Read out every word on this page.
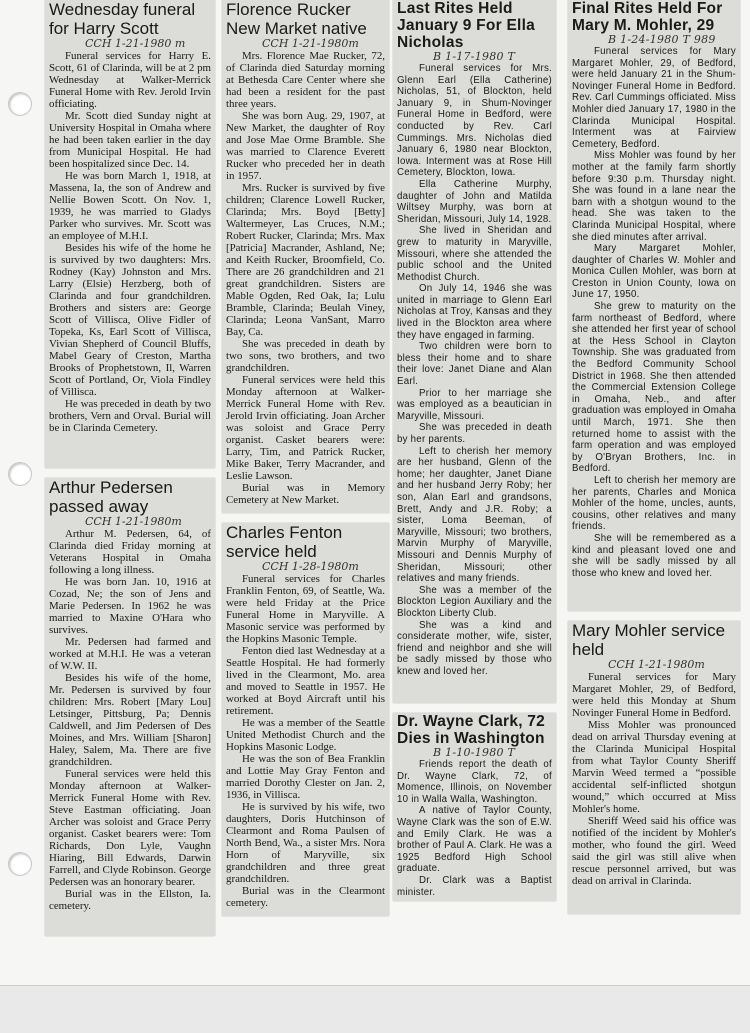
Wednesday funeral for Harry Scott
CCH 1-21-1980 m

Funeral services for Harry E. Scott, 61 of Clarinda, will be at 2 pm Wednesday at Walker-Merrick Funeral Home with Rev. Jerold Irvin officiating.

Mr. Scott died Sunday night at University Hospital in Omaha where he had been taken earlier in the day from Municipal Hospital. He had been hospitalized since Dec. 14.

He was born March 1, 1918, at Massena, Ia, the son of Andrew and Nellie Bowen Scott. On Nov. 1, 1939, he was married to Gladys Parker who survives. Mr. Scott was an employee of M.H.I.

Besides his wife of the home he is survived by two daughters: Mrs. Rodney (Kay) Johnston and Mrs. Larry (Elsie) Herzberg, both of Clarinda and four grandchildren. Brothers and sisters are: George Scott of Villisca, Olive Fidler of Topeka, Ks, Earl Scott of Villisca, Vivian Shepherd of Council Bluffs, Mabel Geary of Creston, Martha Brooks of Prophetstown, Il, Warren Scott of Portland, Or, Viola Findley of Villisca.

He was preceded in death by two brothers, Vern and Orval. Burial will be in Clarinda Cemetery.

Arthur Pedersen passed away
CCH 1-21-1980m

Arthur M. Pedersen, 64, of Clarinda died Friday morning at Veterans Hospital in Omaha following a long illness.

He was born Jan. 10, 1916 at Cozad, Ne; the son of Jens and Marie Pedersen. In 1962 he was married to Maxine O'Hara who survives.

Mr. Pedersen had farmed and worked at M.H.I. He was a veteran of W.W. II.

Besides his wife of the home, Mr. Pedersen is survived by four children: Mrs. Robert [Mary Lou] Letsinger, Pittsburg, Pa; Dennis Caldwell, and Jim Pedersen of Des Moines, and Mrs. William [Sharon] Haley, Salem, Ma. There are five grandchildren.

Funeral services were held this Monday afternoon at Walker-Merrick Funeral Home with Rev. Steve Eastman officiating. Joan Archer was soloist and Grace Perry organist. Casket bearers were: Tom Richards, Don Lyle, Vaughn Hiaring, Bill Edwards, Darwin Farrell, and Clyde Robinson. George Pedersen was an honorary bearer.

Burial was in the Ellston, Ia. cemetery.

Florence Rucker New Market native
CCH 1-21-1980m

Mrs. Florence Mae Rucker, 72, of Clarinda died Saturday morning at Bethesda Care Center where she had been a resident for the past three years.

She was born Aug. 29, 1907, at New Market, the daughter of Roy and Jose Mae Orme Bramble. She was married to Clarence Everett Rucker who preceded her in death in 1957.

Mrs. Rucker is survived by five children; Clarence Lowell Rucker, Clarinda; Mrs. Boyd [Betty] Waltermeyer, Las Cruces, N.M.; Robert Rucker, Clarinda; Mrs. Max [Patricia] Macrander, Ashland, Ne; and Keith Rucker, Broomfield, Co. There are 26 grandchildren and 21 great grandchildren. Sisters are Mable Ogden, Red Oak, Ia; Lulu Bramble, Clarinda; Beulah Viney, Clarinda; Leona VanSant, Marro Bay, Ca.

She was preceded in death by two sons, two brothers, and two grandchildren.

Funeral services were held this Monday afternoon at Walker-Merrick Funeral Home with Rev. Jerold Irvin officiating. Joan Archer was soloist and Grace Perry organist. Casket bearers were: Larry, Tim, and Patrick Rucker, Mike Baker, Terry Macrander, and Leslie Lawson.

Burial was in Memory Cemetery at New Market.

Charles Fenton service held
CCH 1-28-1980m

Funeral services for Charles Franklin Fenton, 69, of Seattle, Wa. were held Friday at the Price Funeral Home in Maryville. A Masonic service was performed by the Hopkins Masonic Temple.

Fenton died last Wednesday at a Seattle Hospital. He had formerly lived in the Clearmont, Mo. area and moved to Seattle in 1957. He worked at Boyd Aircraft until his retirement.

He was a member of the Seattle United Methodist Church and the Hopkins Masonic Lodge.

He was the son of Bea Franklin and Lottie May Gray Fenton and married Dorothy Clester on Jan. 2, 1936, in Villisca.

He is survived by his wife, two daughters, Doris Hutchinson of Clearmont and Roma Paulsen of North Bend, Wa., a sister Mrs. Nora Horn of Maryville, six grandchildren and three great grandchildren.

Burial was in the Clearmont cemetery.

Last Rites Held January 9 For Ella Nicholas
B 1-17-1980 T

Funeral services for Mrs. Glenn Earl (Ella Catherine) Nicholas, 51, of Blockton, held January 9, in Shum-Novinger Funeral Home in Bedford, were conducted by Rev. Carl Cummings. Mrs. Nicholas died January 6, 1980 near Blockton, Iowa. Interment was at Rose Hill Cemetery, Blockton, Iowa.

Ella Catherine Murphy, daughter of John and Matilda Wiltsey Murphy, was born at Sheridan, Missouri, July 14, 1928.

She lived in Sheridan and grew to maturity in Maryville, Missouri, where she attended the public school and the United Methodist Church.

On July 14, 1946 she was united in marriage to Glenn Earl Nicholas at Troy, Kansas and they lived in the Blockton area where they have engaged in farming.

Two children were born to bless their home and to share their love: Janet Diane and Alan Earl.

Prior to her marriage she was employed as a beautician in Maryville, Missouri.

She was preceded in death by her parents.

Left to cherish her memory are her husband, Glenn of the home; her daughter, Janet Diane and her husband Jerry Roby; her son, Alan Earl and grandsons, Brett, Andy and J.R. Roby; a sister, Loma Beeman, of Maryville, Missouri; two brothers, Marvin Murphy of Maryville, Missouri and Dennis Murphy of Sheridan, Missouri; other relatives and many friends.

She was a member of the Blockton Legion Auxiliary and the Blockton Liberty Club.

She was a kind and considerate mother, wife, sister, friend and neighbor and she will be sadly missed by those who knew and loved her.

Dr. Wayne Clark, 72 Dies in Washington
B 1-10-1980 T

Friends report the death of Dr. Wayne Clark, 72, of Momence, Illinois, on November 10 in Walla Walla, Washington.

A native of Taylor County, Wayne Clark was the son of E.W. and Emily Clark. He was a brother of Paul A. Clark. He was a 1925 Bedford High School graduate.

Dr. Clark was a Baptist minister.

Final Rites Held For Mary M. Mohler, 29
B 1-24-1980 T 989

Funeral services for Mary Margaret Mohler, 29, of Bedford, were held January 21 in the Shum-Novinger Funeral Home in Bedford. Rev. Carl Cummings officiated. Miss Mohler died January 17, 1980 in the Clarinda Municipal Hospital. Interment was at Fairview Cemetery, Bedford.

Miss Mohler was found by her mother at the family farm shortly before 9:30 p.m. Thursday night. She was found in a lane near the barn with a shotgun wound to the head. She was taken to the Clarinda Municipal Hospital, where she died minutes after arrival.

Mary Margaret Mohler, daughter of Charles W. Mohler and Monica Cullen Mohler, was born at Creston in Union County, Iowa on June 17, 1950.

She grew to maturity on the farm northeast of Bedford, where she attended her first year of school at the Hess School in Clayton Township. She was graduated from the Bedford Community School District in 1968. She then attended the Commercial Extension College in Omaha, Neb., and after graduation was employed in Omaha until March, 1971. She then returned home to assist with the farm operation and was employed by O'Bryan Brothers, Inc. in Bedford.

Left to cherish her memory are her parents, Charles and Monica Mohler of the home, uncles, aunts, cousins, other relatives and many friends.

She will be remembered as a kind and pleasant loved one and she will be sadly missed by all those who knew and loved her.

Mary Mohler service held
CCH 1-21-1980m

Funeral services for Mary Margaret Mohler, 29, of Bedford, were held this Monday at Shum Novinger Funeral Home in Bedford.

Miss Mohler was pronounced dead on arrival Thursday evening at the Clarinda Municipal Hospital from what Taylor County Sheriff Marvin Weed termed a “possible accidental self-inflicted shotgun wound,” which occurred at Miss Mohler's home.

Sheriff Weed said his office was notified of the incident by Mohler's mother, who found the girl. Weed said the girl was still alive when rescue personnel arrived, but was dead on arrival in Clarinda.
